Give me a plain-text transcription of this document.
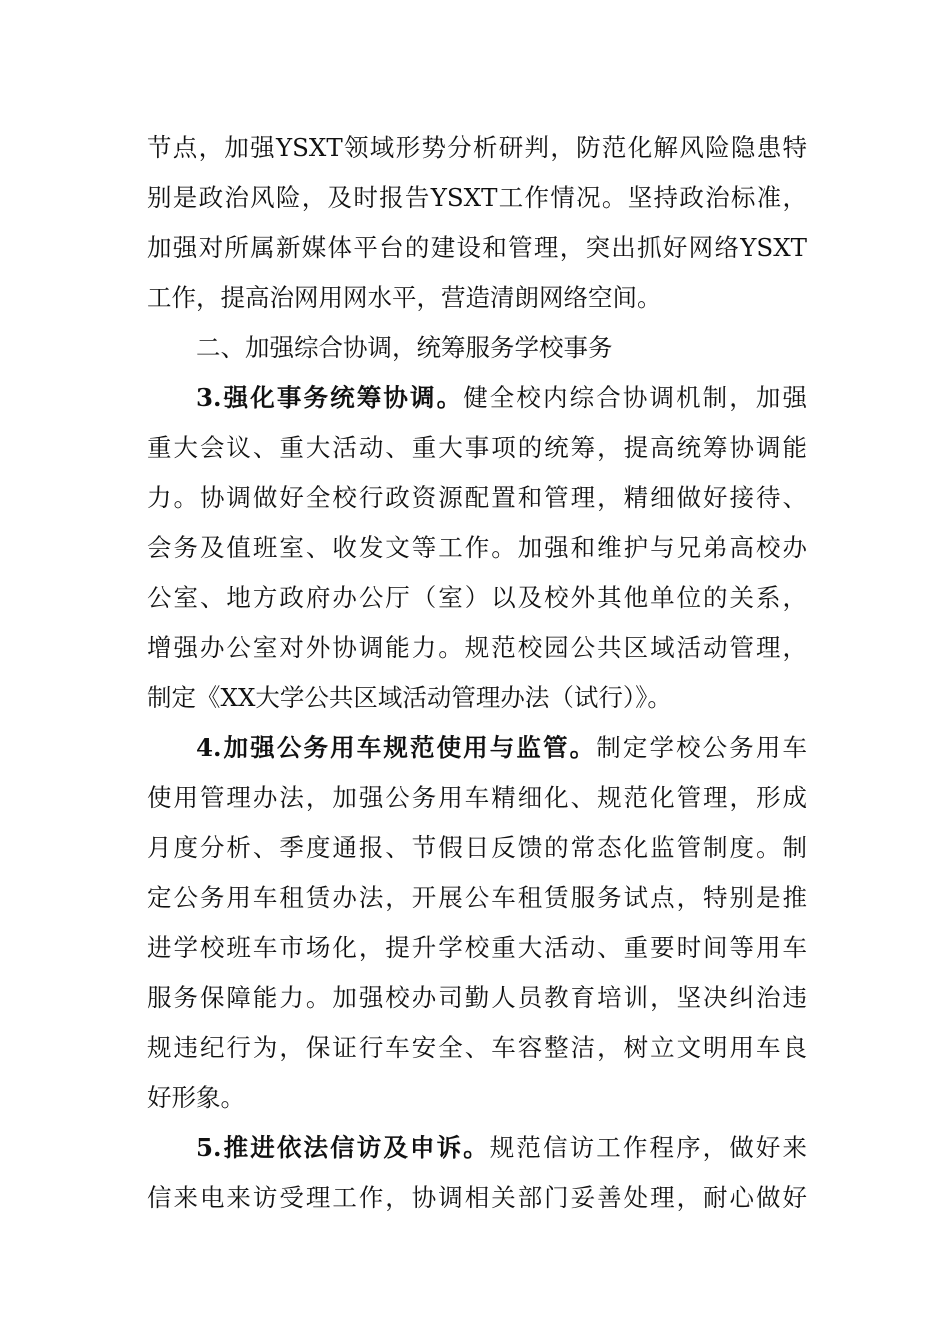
节点，加强YSXT领域形势分析研判，防范化解风险隐患特
别是政治风险，及时报告YSXT工作情况。坚持政治标准，
加强对所属新媒体平台的建设和管理，突出抓好网络YSXT
工作，提高治网用网水平，营造清朗网络空间。
二、加强综合协调，统筹服务学校事务
3.强化事务统筹协调。健全校内综合协调机制，加强
重大会议、重大活动、重大事项的统筹，提高统筹协调能
力。协调做好全校行政资源配置和管理，精细做好接待、
会务及值班室、收发文等工作。加强和维护与兄弟高校办
公室、地方政府办公厅（室）以及校外其他单位的关系，
增强办公室对外协调能力。规范校园公共区域活动管理，
制定《XX大学公共区域活动管理办法（试行）》。
4.加强公务用车规范使用与监管。制定学校公务用车
使用管理办法，加强公务用车精细化、规范化管理，形成
月度分析、季度通报、节假日反馈的常态化监管制度。制
定公务用车租赁办法，开展公车租赁服务试点，特别是推
进学校班车市场化，提升学校重大活动、重要时间等用车
服务保障能力。加强校办司勤人员教育培训，坚决纠治违
规违纪行为，保证行车安全、车容整洁，树立文明用车良
好形象。
5.推进依法信访及申诉。规范信访工作程序，做好来
信来电来访受理工作，协调相关部门妥善处理，耐心做好
